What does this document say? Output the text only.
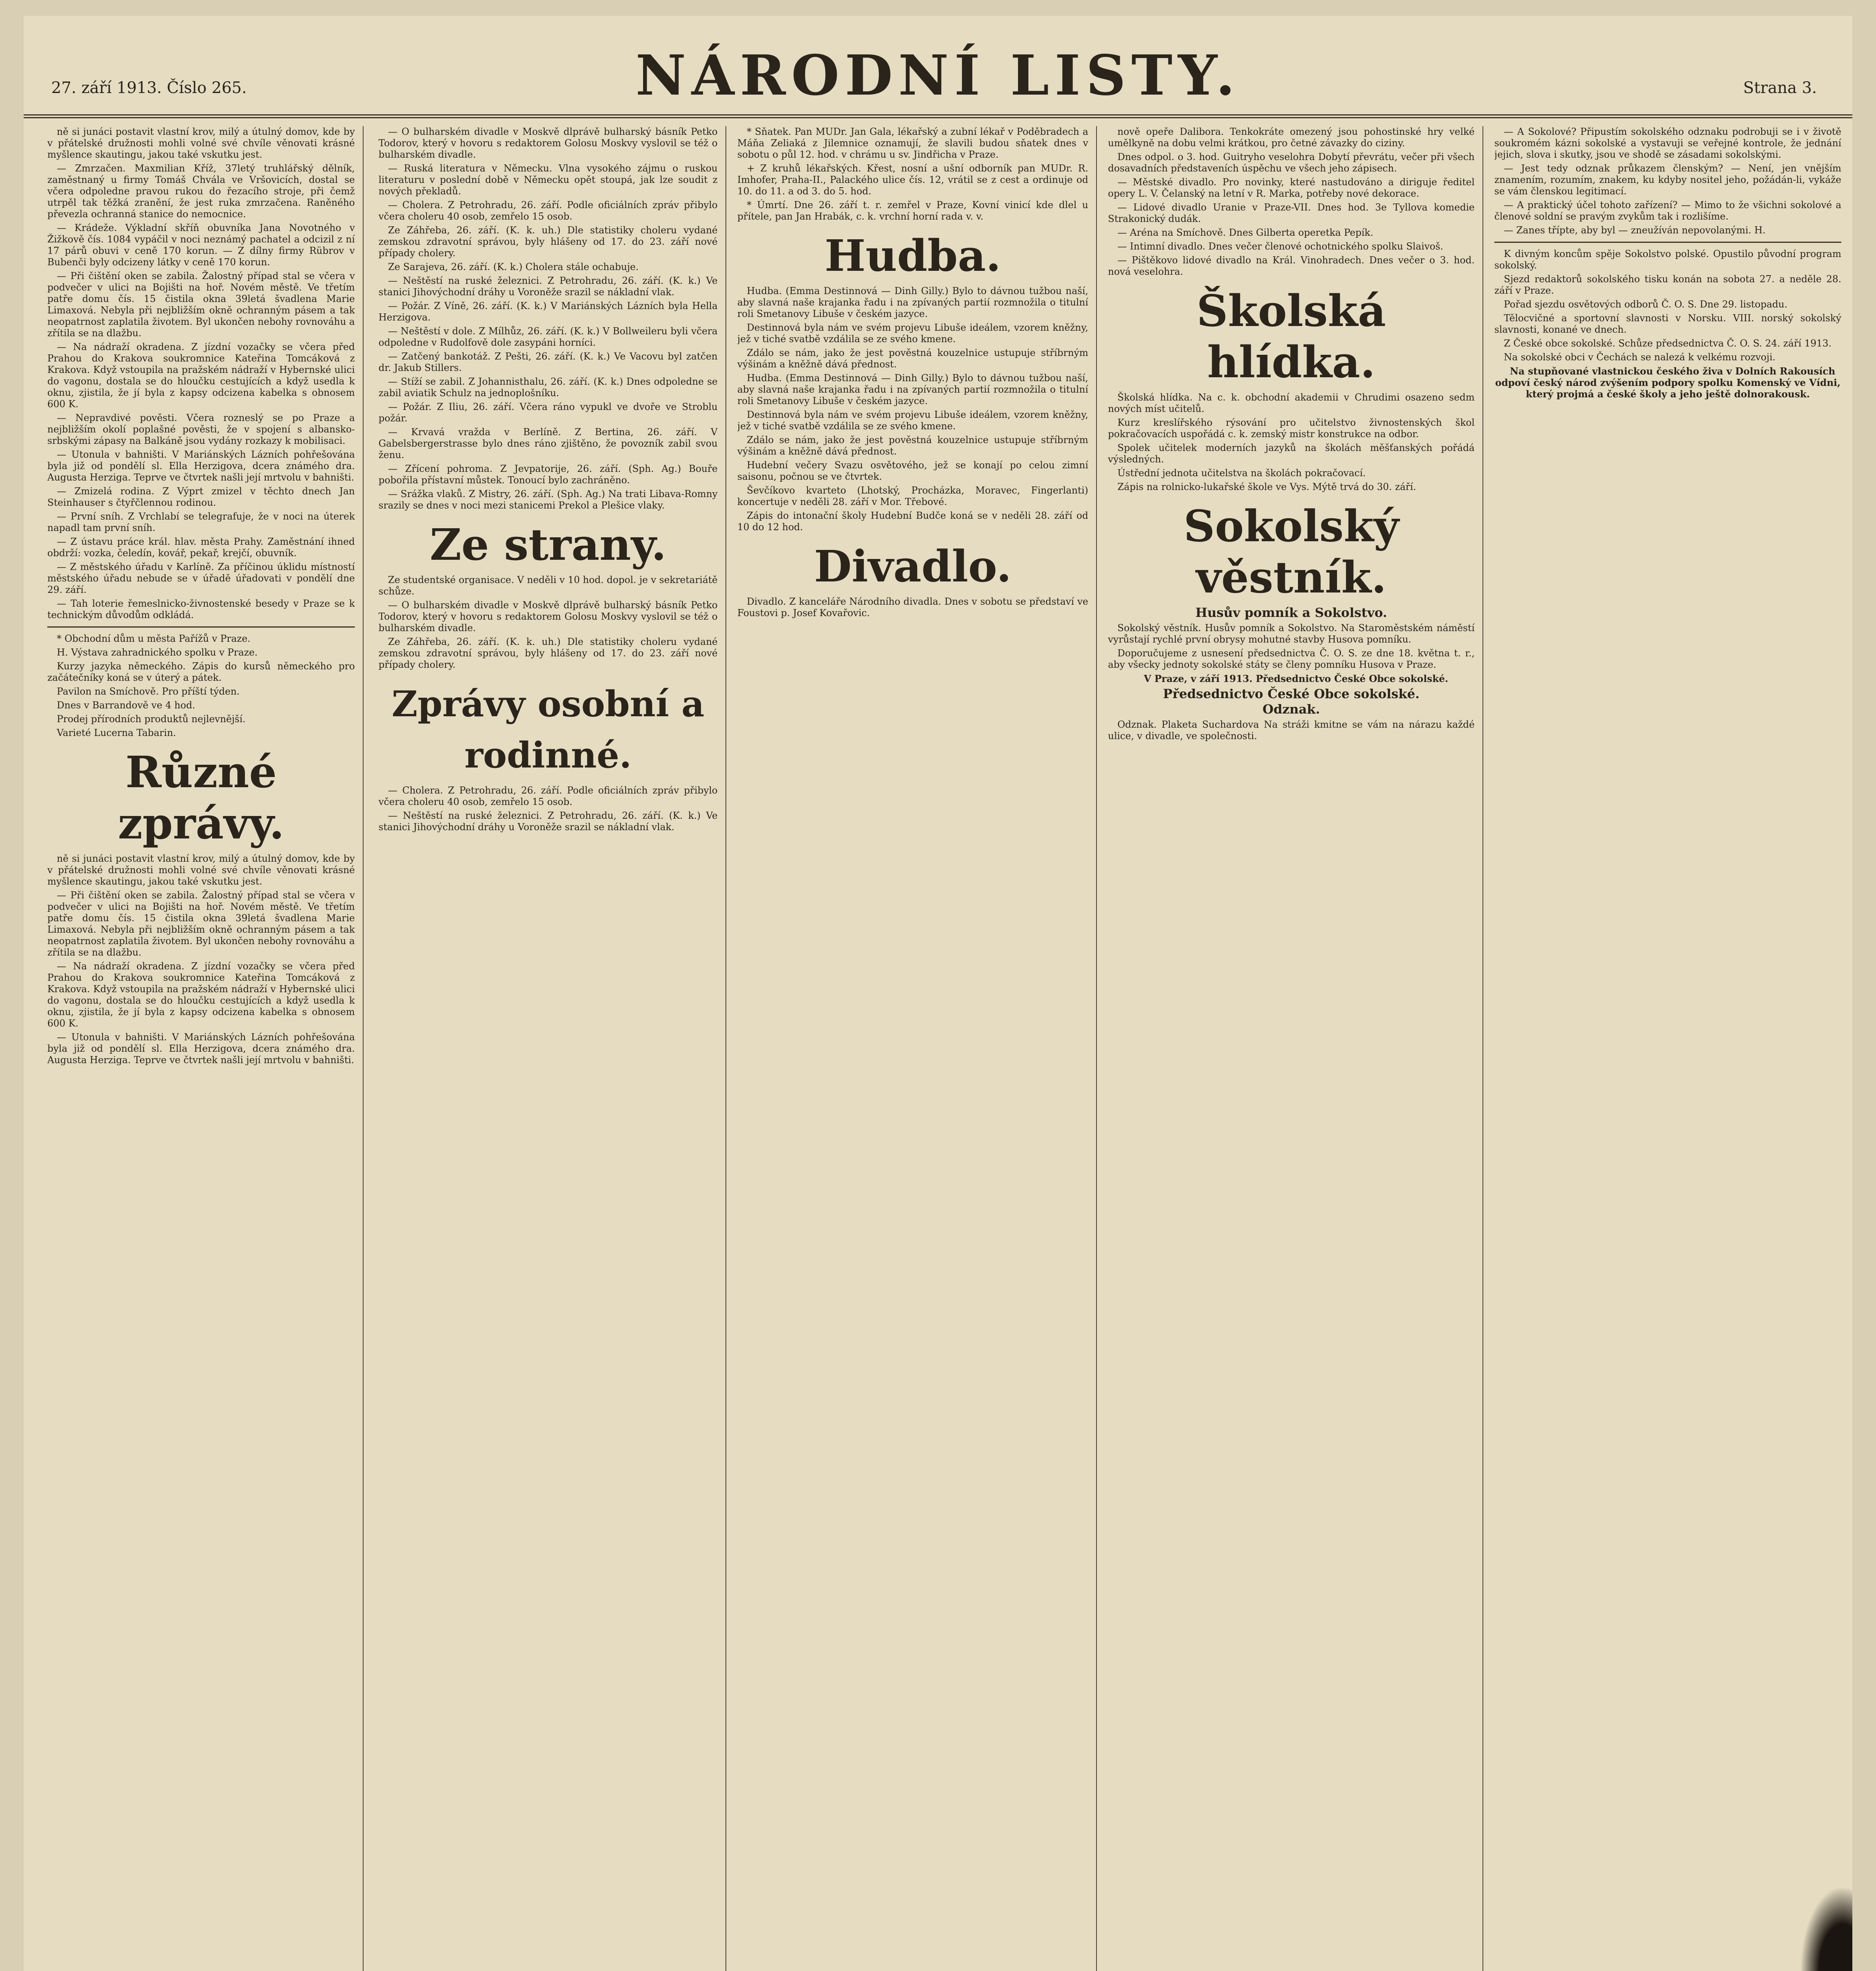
27. září 1913. Číslo 265.	NÁRODNÍ LISTY.	Strana 3.

ně si junáci postavit vlastní krov, milý a útulný domov, kde by v přátelské družnosti mohli volné své chvíle věnovati krásné myšlence skautingu, jakou také vskutku jest.

— Zmrzačen. Maxmilian Kříž, 37letý truhlářský dělník, zaměstnaný u firmy Tomáš Chvála ve Vršovicích, dostal se včera odpoledne pravou rukou do řezacího stroje, při čemž utrpěl tak těžká zranění, že jest ruka zmrzačena. Raněného převezla ochranná stanice do nemocnice.

— Krádeže. Výkladní skříň obuvníka Jana Novotného v Žižkově čís. 1084 vypáčil v noci neznámý pachatel a odcizil z ní 17 párů obuvi v ceně 170 korun. — Z dílny firmy Rübrov v Bubenči byly odcizeny látky v ceně 170 korun.

— Při čištění oken se zabila. Žalostný případ stal se včera v podvečer v ulici na Bojišti na hoř. Novém městě. Ve třetím patře domu čís. 15 čistila okna 39letá švadlena Marie Limaxová. Nebyla při nejbližším okně ochranným pásem a tak neopatrnost zaplatila životem. Byl ukončen nebohy rovnováhu a zřítila se na dlažbu.

— Na nádraží okradena. Z jízdní vozačky se včera před Prahou do Krakova soukromnice Kateřina Tomcáková z Krakova. Když vstoupila na pražském nádraží v Hybernské ulici do vagonu, dostala se do hloučku cestujících a když usedla k oknu, zjistila, že jí byla z kapsy odcizena kabelka s obnosem 600 K.

— Nepravdivé pověsti. Včera rozneslý se po Praze a nejbližším okolí poplašné pověsti, že v spojení s albansko-srbskými zápasy na Balkáně jsou vydány rozkazy k mobilisaci.

— Utonula v bahništi. V Mariánských Lázních pohřešována byla již od pondělí sl. Ella Herzigova, dcera známého dra. Augusta Herziga. Teprve ve čtvrtek našli její mrtvolu v bahništi.

— Zmizelá rodina. Z Výprt zmizel v těchto dnech Jan Steinhauser s čtyřčlennou rodinou.

— První sníh. Z Vrchlabí se telegrafuje, že v noci na úterek napadl tam první sníh.

— Z ústavu práce král. hlav. města Prahy. Zaměstnání ihned obdrží: vozka, čeledín, kovář, pekař, krejčí, obuvník.

— Z městského úřadu v Karlíně. Za příčinou úklidu místností městského úřadu nebude se v úřadě úřadovati v pondělí dne 29. září.

— Tah loterie řemeslnicko-živnostenské besedy v Praze se k technickým důvodům odkládá.

* Obchodní dům u města Pařížů v Praze.

H. Výstava zahradnického spolku v Praze.

Kurzy jazyka německého. Zápis do kursů německého pro začátečníky koná se v úterý a pátek.

Pavilon na Smíchově. Pro příští týden.

Dnes v Barrandově ve 4 hod.

Prodej přírodních produktů nejlevnější.

Varieté Lucerna Tabarin.

Různé zprávy.

ně si junáci postavit vlastní krov, milý a útulný domov, kde by v přátelské družnosti mohli volné své chvíle věnovati krásné myšlence skautingu, jakou také vskutku jest.

— Při čištění oken se zabila. Žalostný případ stal se včera v podvečer v ulici na Bojišti na hoř. Novém městě. Ve třetím patře domu čís. 15 čistila okna 39letá švadlena Marie Limaxová. Nebyla při nejbližším okně ochranným pásem a tak neopatrnost zaplatila životem. Byl ukončen nebohy rovnováhu a zřítila se na dlažbu.

— Na nádraží okradena. Z jízdní vozačky se včera před Prahou do Krakova soukromnice Kateřina Tomcáková z Krakova. Když vstoupila na pražském nádraží v Hybernské ulici do vagonu, dostala se do hloučku cestujících a když usedla k oknu, zjistila, že jí byla z kapsy odcizena kabelka s obnosem 600 K.

— Utonula v bahništi. V Mariánských Lázních pohřešována byla již od pondělí sl. Ella Herzigova, dcera známého dra. Augusta Herziga. Teprve ve čtvrtek našli její mrtvolu v bahništi.

— O bulharském divadle v Moskvě dlprávě bulharský básník Petko Todorov, který v hovoru s redaktorem Golosu Moskvy vyslovil se též o bulharském divadle.

— Ruská literatura v Německu. Vlna vysokého zájmu o ruskou literaturu v poslední době v Německu opět stoupá, jak lze soudit z nových překladů.

— Cholera. Z Petrohradu, 26. září. Podle oficiálních zpráv přibylo včera choleru 40 osob, zemřelo 15 osob.

Ze Záhřeba, 26. září. (K. k. uh.) Dle statistiky choleru vydané zemskou zdravotní správou, byly hlášeny od 17. do 23. září nové případy cholery.

Ze Sarajeva, 26. září. (K. k.) Cholera stále ochabuje.

— Neštěstí na ruské železnici. Z Petrohradu, 26. září. (K. k.) Ve stanici Jihovýchodní dráhy u Voroněže srazil se nákladní vlak.

— Požár. Z Víně, 26. září. (K. k.) V Mariánských Lázních byla Hella Herzigova.

— Neštěstí v dole. Z Mílhůz, 26. září. (K. k.) V Bollweileru byli včera odpoledne v Rudolfově dole zasypáni horníci.

— Zatčený bankotáž. Z Pešti, 26. září. (K. k.) Ve Vacovu byl zatčen dr. Jakub Stillers.

— Stíží se zabil. Z Johannisthalu, 26. září. (K. k.) Dnes odpoledne se zabil aviatik Schulz na jednoplošníku.

— Požár. Z Iliu, 26. září. Včera ráno vypukl ve dvoře ve Stroblu požár.

— Krvavá vražda v Berlíně. Z Bertina, 26. září. V Gabelsbergerstrasse bylo dnes ráno zjištěno, že povozník zabil svou ženu.

— Zřícení pohroma. Z Jevpatorije, 26. září. (Sph. Ag.) Bouře pobořila přístavní můstek. Tonoucí bylo zachráněno.

— Srážka vlaků. Z Mistry, 26. září. (Sph. Ag.) Na trati Libava-Romny srazily se dnes v noci mezi stanicemi Prekol a Plešice vlaky.

Ze strany.

Ze studentské organisace. V neděli v 10 hod. dopol. je v sekretariátě schůze.

— O bulharském divadle v Moskvě dlprávě bulharský básník Petko Todorov, který v hovoru s redaktorem Golosu Moskvy vyslovil se též o bulharském divadle.

Ze Záhřeba, 26. září. (K. k. uh.) Dle statistiky choleru vydané zemskou zdravotní správou, byly hlášeny od 17. do 23. září nové případy cholery.

Zprávy osobní a rodinné.

— Cholera. Z Petrohradu, 26. září. Podle oficiálních zpráv přibylo včera choleru 40 osob, zemřelo 15 osob.

— Neštěstí na ruské železnici. Z Petrohradu, 26. září. (K. k.) Ve stanici Jihovýchodní dráhy u Voroněže srazil se nákladní vlak.

* Sňatek. Pan MUDr. Jan Gala, lékařský a zubní lékař v Poděbradech a Máňa Zeliaká z Jilemnice oznamují, že slavili budou sňatek dnes v sobotu o půl 12. hod. v chrámu u sv. Jindřicha v Praze.

+ Z kruhů lékařských. Křest, nosní a ušní odborník pan MUDr. R. Imhofer, Praha-II., Palackého ulice čís. 12, vrátil se z cest a ordinuje od 10. do 11. a od 3. do 5. hod.

* Úmrtí. Dne 26. září t. r. zemřel v Praze, Kovní vinicí kde dlel u přítele, pan Jan Hrabák, c. k. vrchní horní rada v. v.

Hudba.

Hudba. (Emma Destinnová — Dinh Gilly.) Bylo to dávnou tužbou naší, aby slavná naše krajanka řadu i na zpívaných partií rozmnožila o titulní roli Smetanovy Libuše v českém jazyce.

Destinnová byla nám ve svém projevu Libuše ideálem, vzorem kněžny, jež v tiché svatbě vzdálila se ze svého kmene.

Zdálo se nám, jako že jest pověstná kouzelnice ustupuje stříbrným výšinám a kněžně dává přednost.

Hudba. (Emma Destinnová — Dinh Gilly.) Bylo to dávnou tužbou naší, aby slavná naše krajanka řadu i na zpívaných partií rozmnožila o titulní roli Smetanovy Libuše v českém jazyce.

Destinnová byla nám ve svém projevu Libuše ideálem, vzorem kněžny, jež v tiché svatbě vzdálila se ze svého kmene.

Zdálo se nám, jako že jest pověstná kouzelnice ustupuje stříbrným výšinám a kněžně dává přednost.

Hudební večery Svazu osvětového, jež se konají po celou zimní saisonu, počnou se ve čtvrtek.

Ševčíkovo kvarteto (Lhotský, Procházka, Moravec, Fingerlanti) koncertuje v neděli 28. září v Mor. Třebové.

Zápis do intonační školy Hudební Budče koná se v neděli 28. září od 10 do 12 hod.

Divadlo.

Divadlo. Z kanceláře Národního divadla. Dnes v sobotu se představí ve Foustovi p. Josef Kovařovic.

nově opeře Dalibora. Tenkokráte omezený jsou pohostinské hry velké umělkyně na dobu velmi krátkou, pro četné závazky do ciziny.

Dnes odpol. o 3. hod. Guitryho veselohra Dobytí převrátu, večer při všech dosavadních představeních úspěchu ve všech jeho zápisech.

— Městské divadlo. Pro novinky, které nastudováno a diriguje ředitel opery L. V. Čelanský na letní v R. Marka, potřeby nové dekorace.

— Lidové divadlo Uranie v Praze-VII. Dnes hod. 3e Tyllova komedie Strakonický dudák.

— Aréna na Smíchově. Dnes Gilberta operetka Pepík.

— Intimní divadlo. Dnes večer členové ochotnického spolku Slaivoš.

— Pištěkovo lidové divadlo na Král. Vinohradech. Dnes večer o 3. hod. nová veselohra.

Školská hlídka.

Školská hlídka. Na c. k. obchodní akademii v Chrudimi osazeno sedm nových míst učitelů.

Kurz kreslířského rýsování pro učitelstvo živnostenských škol pokračovacích uspořádá c. k. zemský mistr konstrukce na odbor.

Spolek učitelek moderních jazyků na školách měšťanských pořádá výsledných.

Ústřední jednota učitelstva na školách pokračovací.

Zápis na rolnicko-lukařské škole ve Vys. Mýtě trvá do 30. září.

Sokolský věstník.
Husův pomník a Sokolstvo.

Sokolský věstník. Husův pomník a Sokolstvo. Na Staroměstském náměstí vyrůstají rychlé první obrysy mohutné stavby Husova pomníku.

Doporučujeme z usnesení předsednictva Č. O. S. ze dne 18. května t. r., aby všecky jednoty sokolské státy se členy pomníku Husova v Praze.

V Praze, v září 1913. Předsednictvo České Obce sokolské.

Předsednictvo České Obce sokolské.
Odznak.

Odznak. Plaketa Suchardova Na stráži kmitne se vám na nárazu každé ulice, v divadle, ve společnosti.

— A Sokolové? Připustím sokolského odznaku podrobuji se i v životě soukromém kázni sokolské a vystavuji se veřejné kontrole, že jednání jejich, slova i skutky, jsou ve shodě se zásadami sokolskými.

— Jest tedy odznak průkazem členským? — Není, jen vnějším znamením, rozumím, znakem, ku kdyby nositel jeho, požádán-li, vykáže se vám členskou legitimací.

— A praktický účel tohoto zařízení? — Mimo to že všichni sokolové a členové soldní se pravým zvykům tak i rozlišíme.

— Zanes třípte, aby byl — zneužíván nepovolanými. H.

K divným koncům spěje Sokolstvo polské. Opustilo původní program sokolský.

Sjezd redaktorů sokolského tisku konán na sobota 27. a neděle 28. září v Praze.

Pořad sjezdu osvětových odborů Č. O. S. Dne 29. listopadu.

Tělocvičné a sportovní slavnosti v Norsku. VIII. norský sokolský slavnosti, konané ve dnech.

Z České obce sokolské. Schůze předsednictva Č. O. S. 24. září 1913.

Na sokolské obci v Čechách se nalezá k velkému rozvoji.

Na stupňované vlastnickou českého živa v Dolních Rakousích odpoví český národ zvýšením podpory spolku Komenský ve Vídni, který projmá a české školy a jeho ještě dolnorakousk.
